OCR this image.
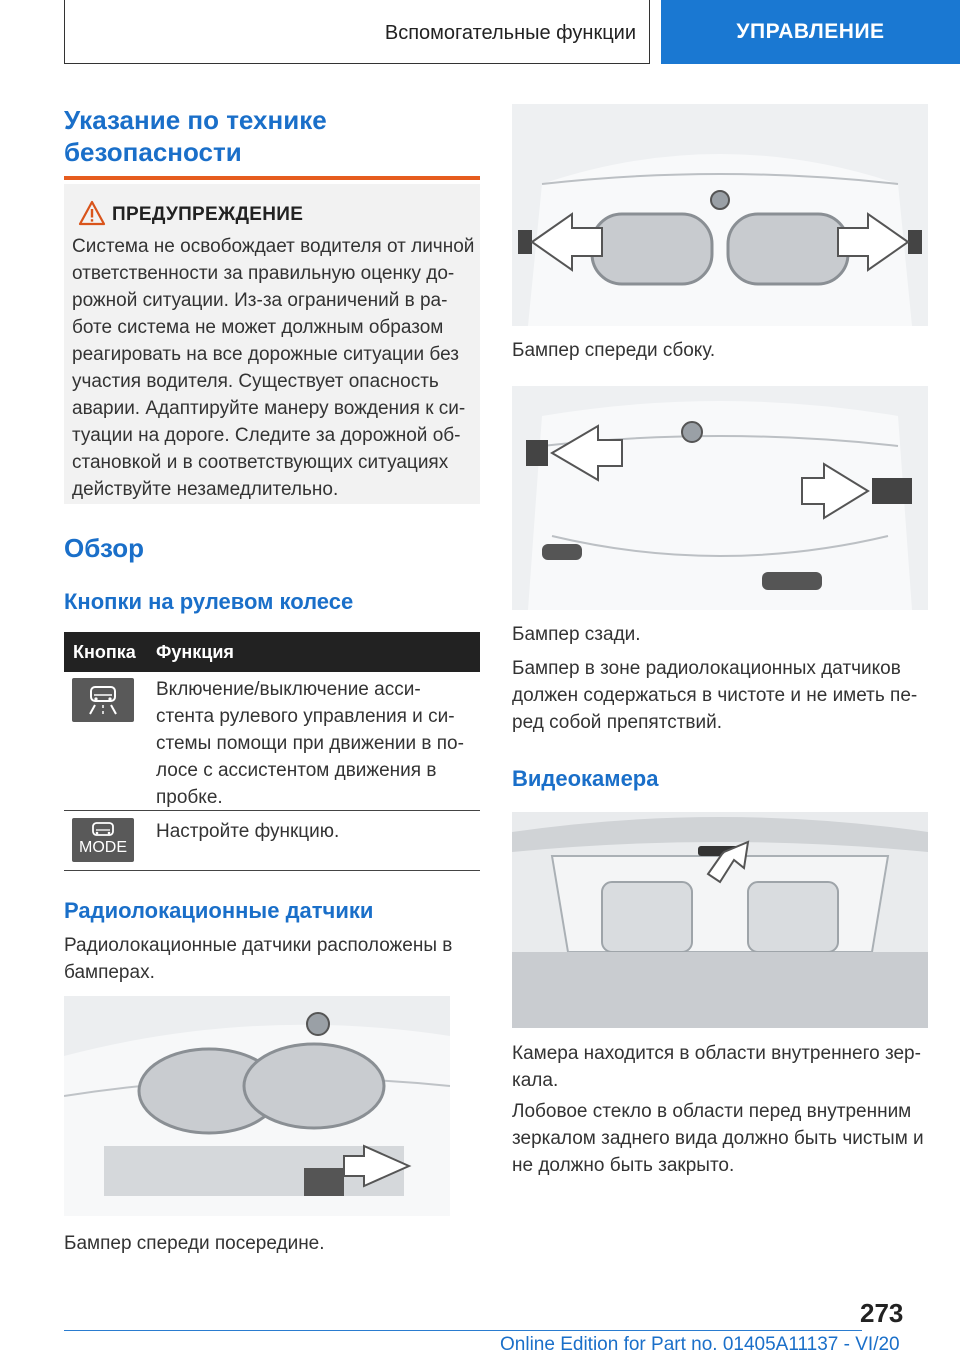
Вспомогательные функции	УПРАВЛЕНИЕ
Указание по технике
безопасности
ПРЕДУПРЕЖДЕНИЕ

Система не освобождает водителя от личной

ответственности за правильную оценку до-

рожной ситуации. Из-за ограничений в ра-

боте система не может должным образом

реагировать на все дорожные ситуации без

участия водителя. Существует опасность

аварии. Адаптируйте манеру вождения к си-

туации на дороге. Следите за дорожной об-

становкой и в соответствующих ситуациях

действуйте незамедлительно.

Обзор
Кнопки на рулевом колесе
Кнопка Функция
Включение/выключение асси-
стента рулевого управления и си-
стемы помощи при движении в по-
лосе с ассистентом движения в
пробке.
MODE
Настройте функцию.
Радиолокационные датчики
Радиолокационные датчики расположены в
бамперах.
Бампер спереди посередине.
Бампер спереди сбоку.
Бампер сзади.
Бампер в зоне радиолокационных датчиков
должен содержаться в чистоте и не иметь пе-
ред собой препятствий.
Видеокамера
Камера находится в области внутреннего зер-
кала.
Лобовое стекло в области перед внутренним
зеркалом заднего вида должно быть чистым и
не должно быть закрыто.
273
Online Edition for Part no. 01405A11137 - VI/20
